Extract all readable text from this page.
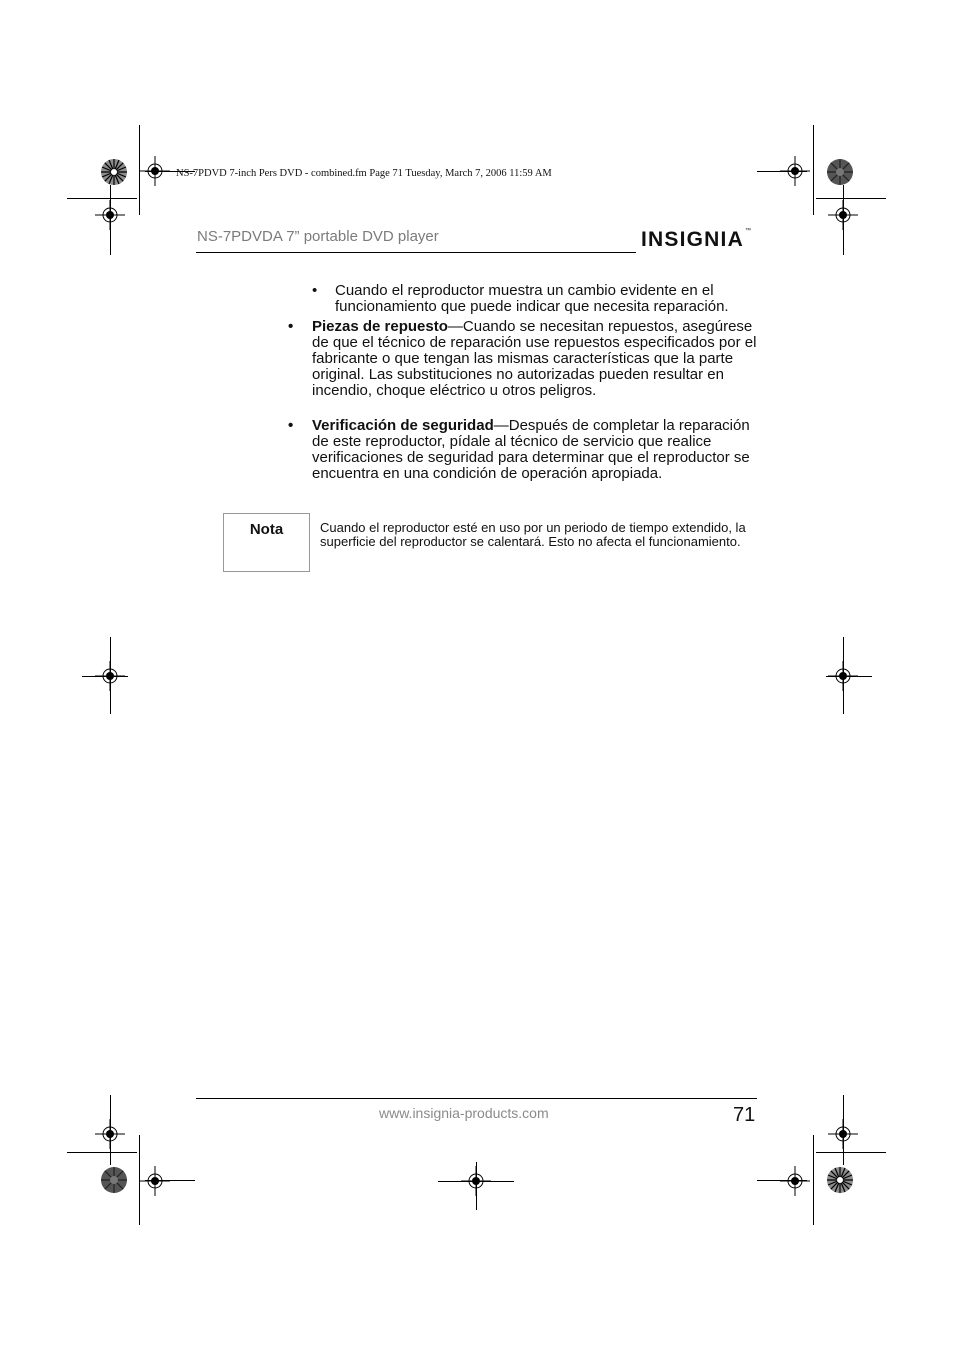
NS-7PDVD 7-inch Pers DVD - combined.fm Page 71 Tuesday, March 7, 2006 11:59 AM
NS-7PDVDA 7” portable DVD player	INSIGNIA™
• Cuando el reproductor muestra un cambio evidente en el funcionamiento que puede indicar que necesita reparación.
• Piezas de repuesto—Cuando se necesitan repuestos, asegúrese de que el técnico de reparación use repuestos especificados por el fabricante o que tengan las mismas características que la parte original. Las substituciones no autorizadas pueden resultar en incendio, choque eléctrico u otros peligros.
• Verificación de seguridad—Después de completar la reparación de este reproductor, pídale al técnico de servicio que realice verificaciones de seguridad para determinar que el reproductor se encuentra en una condición de operación apropiada.
Nota	Cuando el reproductor esté en uso por un periodo de tiempo extendido, la superficie del reproductor se calentará. Esto no afecta el funcionamiento.
www.insignia-products.com	71
